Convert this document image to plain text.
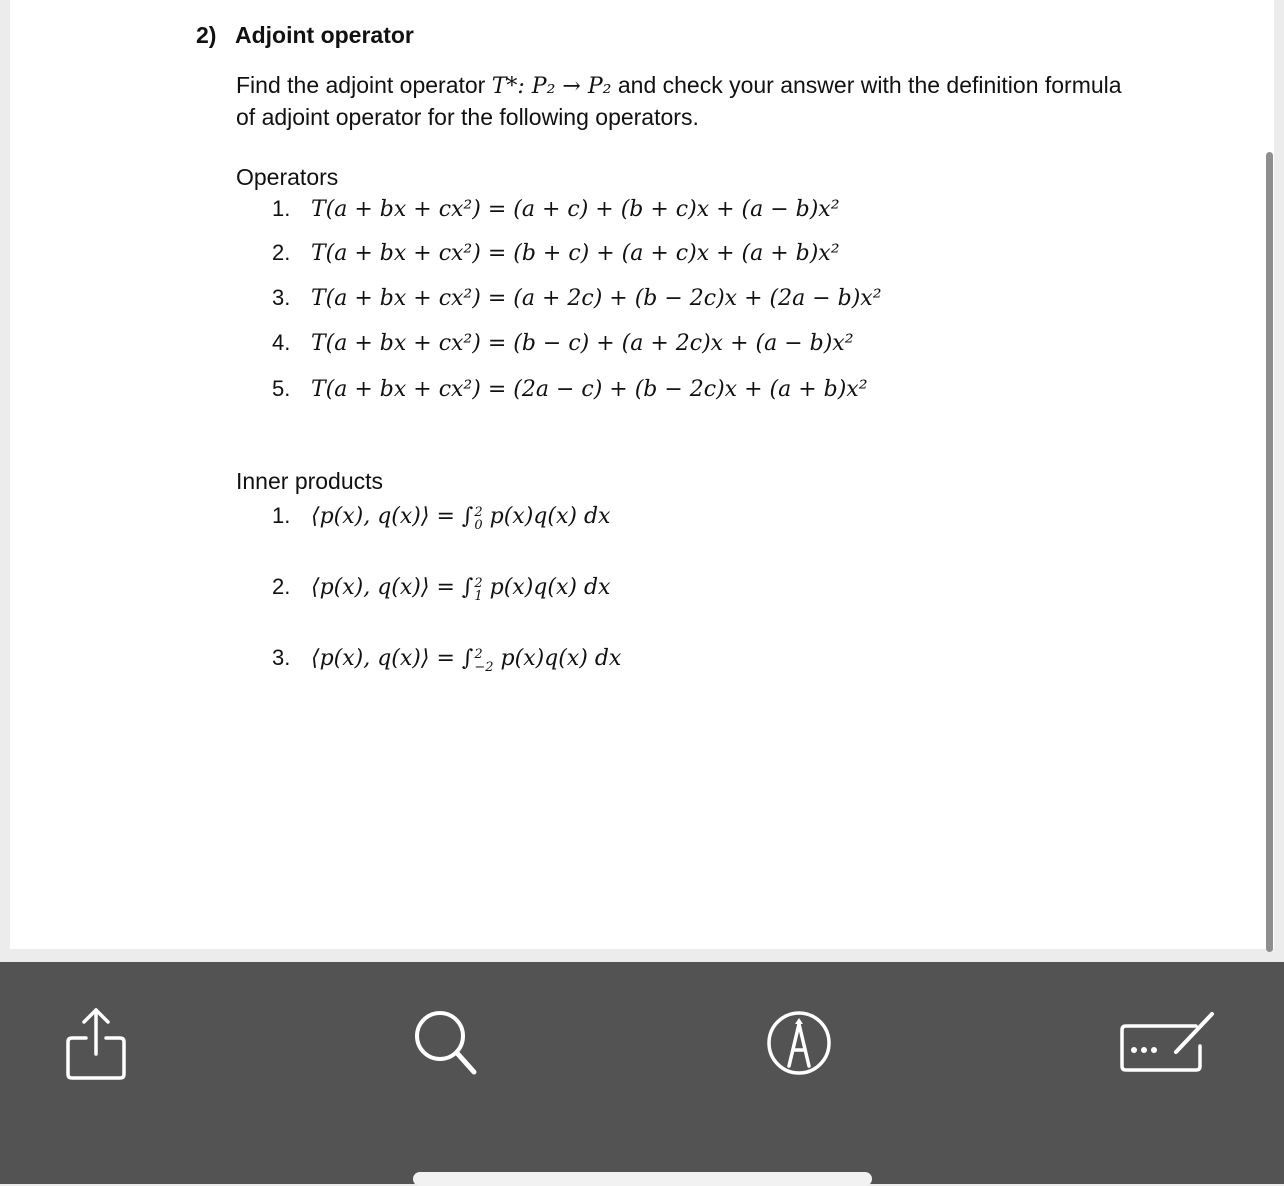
2) Adjoint operator
Find the adjoint operator T*: P₂ → P₂ and check your answer with the definition formula of adjoint operator for the following operators.
Operators
1. T(a + bx + cx²) = (a + c) + (b + c)x + (a − b)x²
2. T(a + bx + cx²) = (b + c) + (a + c)x + (a + b)x²
3. T(a + bx + cx²) = (a + 2c) + (b − 2c)x + (2a − b)x²
4. T(a + bx + cx²) = (b − c) + (a + 2c)x + (a − b)x²
5. T(a + bx + cx²) = (2a − c) + (b − 2c)x + (a + b)x²
Inner products
1. ⟨p(x), q(x)⟩ = ∫ 2
0 p(x)q(x) dx
2. ⟨p(x), q(x)⟩ = ∫ 2
1 p(x)q(x) dx
3. ⟨p(x), q(x)⟩ = ∫ 2
−2 p(x)q(x) dx
